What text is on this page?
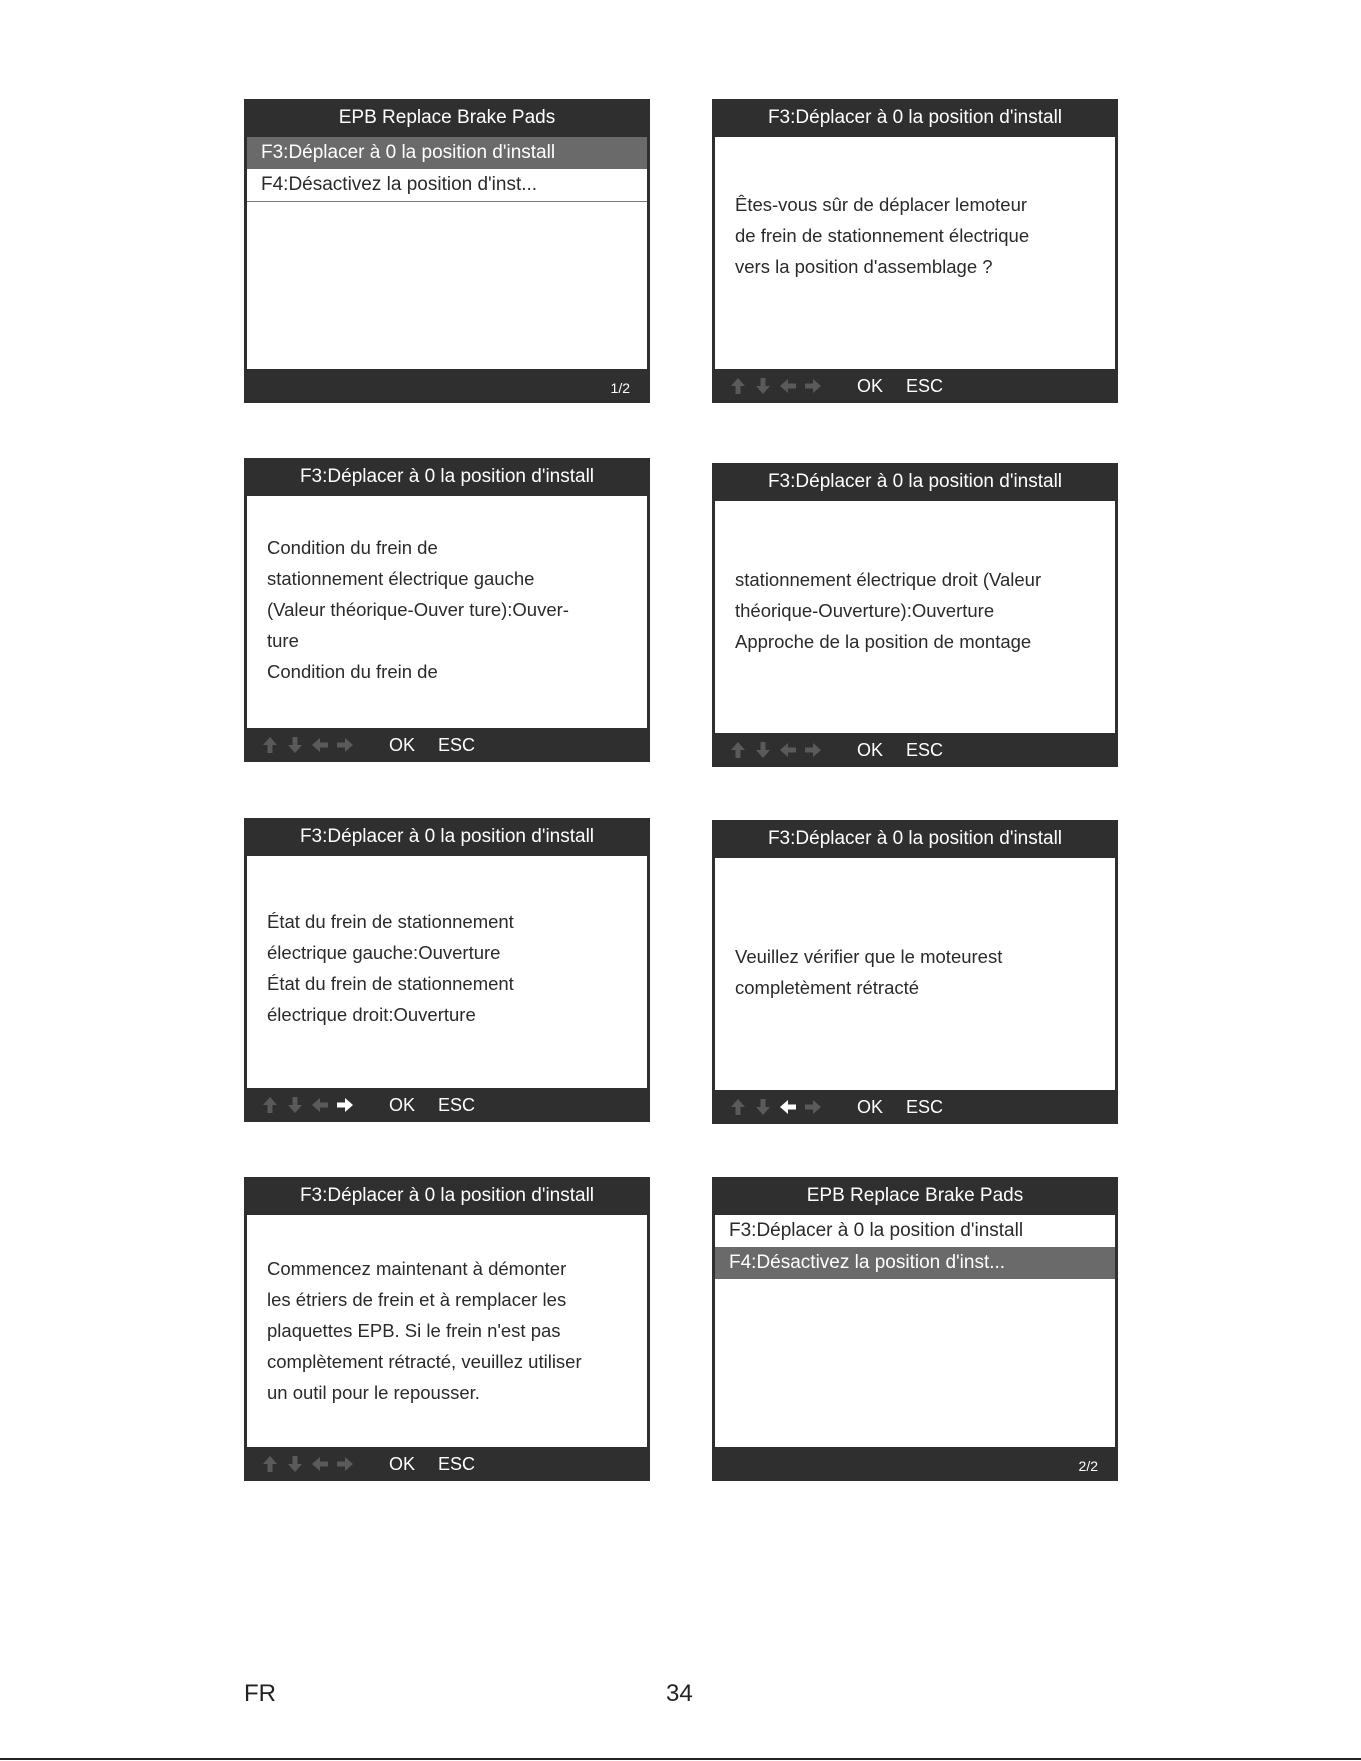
EPB Replace Brake Pads
F3:Déplacer à 0 la position d'install
F4:Désactivez la position d'inst...
1/2
F3:Déplacer à 0 la position d'install

Êtes-vous sûr de déplacer lemoteur

de frein de stationnement électrique

vers la position d'assemblage ?

OK ESC
F3:Déplacer à 0 la position d'install

Condition du frein de

stationnement électrique gauche

(Valeur théorique-Ouver ture):Ouver-

ture

Condition du frein de

OK ESC
F3:Déplacer à 0 la position d'install

stationnement électrique droit (Valeur

théorique-Ouverture):Ouverture

Approche de la position de montage

OK ESC
F3:Déplacer à 0 la position d'install

État du frein de stationnement

électrique gauche:Ouverture

État du frein de stationnement

électrique droit:Ouverture

OK ESC
F3:Déplacer à 0 la position d'install

Veuillez vérifier que le moteurest

completèment rétracté

OK ESC
F3:Déplacer à 0 la position d'install

Commencez maintenant à démonter

les étriers de frein et à remplacer les

plaquettes EPB. Si le frein n'est pas

complètement rétracté, veuillez utiliser

un outil pour le repousser.

OK ESC
EPB Replace Brake Pads
F3:Déplacer à 0 la position d'install
F4:Désactivez la position d'inst...
2/2
FR	34
